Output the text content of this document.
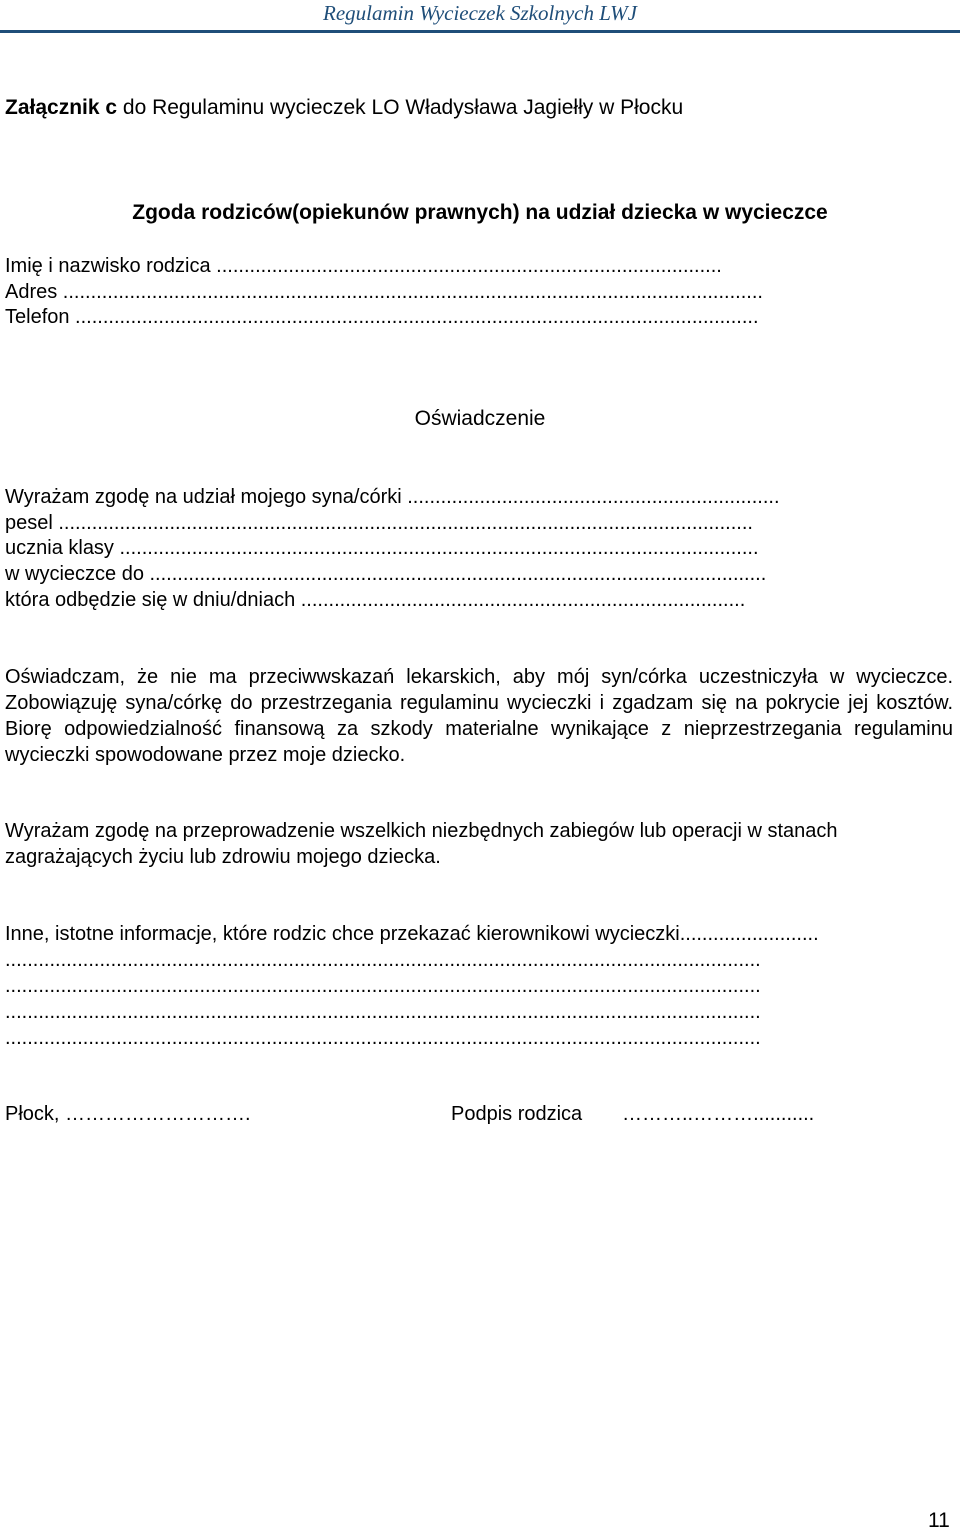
Regulamin Wycieczek Szkolnych LWJ
Załącznik c do Regulaminu wycieczek LO Władysława Jagiełły w Płocku
Zgoda rodziców(opiekunów prawnych) na udział dziecka w wycieczce
Imię i nazwisko rodzica ...........................................................................................
Adres ..............................................................................................................................
Telefon ...........................................................................................................................
Oświadczenie
Wyrażam zgodę na udział mojego syna/córki ...................................................................
pesel .............................................................................................................................
ucznia klasy ...................................................................................................................
w wycieczce do ...............................................................................................................
która odbędzie się w dniu/dniach ................................................................................
Oświadczam, że nie ma przeciwwskazań lekarskich, aby mój syn/córka uczestniczyła w wycieczce. Zobowiązuję syna/córkę do przestrzegania regulaminu wycieczki i zgadzam się na pokrycie jej kosztów. Biorę odpowiedzialność finansową za szkody materialne wynikające z nieprzestrzegania regulaminu wycieczki spowodowane przez moje dziecko.
Wyrażam zgodę na przeprowadzenie wszelkich niezbędnych zabiegów lub operacji w stanach zagrażających życiu lub zdrowiu mojego dziecka.
Inne, istotne informacje, które rodzic chce przekazać kierownikowi wycieczki.........................
........................................................................................................................................
........................................................................................................................................
........................................................................................................................................
........................................................................................................................................
Płock, ……………………….	Podpis rodzica ………..………...........
11
